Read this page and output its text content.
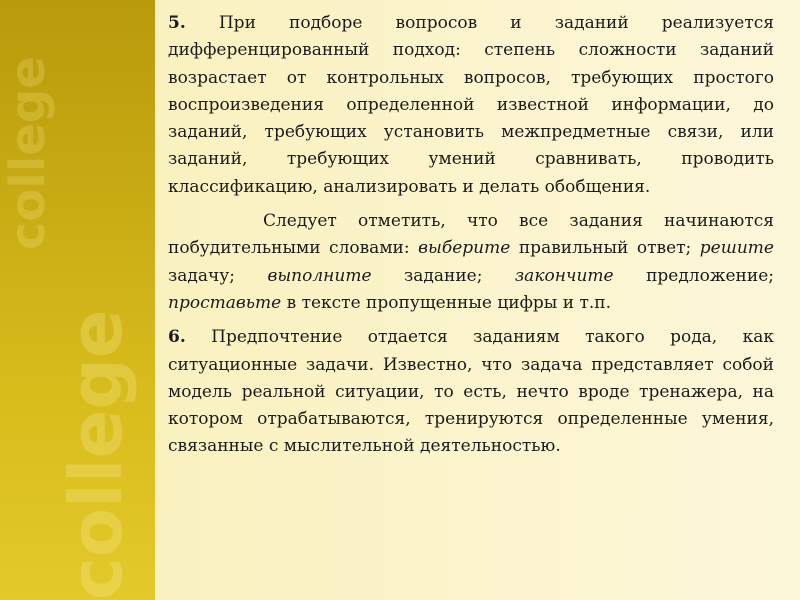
college
college

5. При подборе вопросов и заданий реализуется дифференцированный подход: степень сложности заданий возрастает от контрольных вопросов, требующих простого воспроизведения определенной известной информации, до заданий, требующих установить межпредметные связи, или заданий, требующих умений сравнивать, проводить классификацию, анализировать и делать обобщения.

Следует отметить, что все задания начинаются побудительными словами: выберите правильный ответ; решите задачу; выполните задание; закончите предложение; проставьте в тексте пропущенные цифры и т.п.

6. Предпочтение отдается заданиям такого рода, как ситуационные задачи. Известно, что задача представляет собой модель реальной ситуации, то есть, нечто вроде тренажера, на котором отрабатываются, тренируются определенные умения, связанные с мыслительной деятельностью.
